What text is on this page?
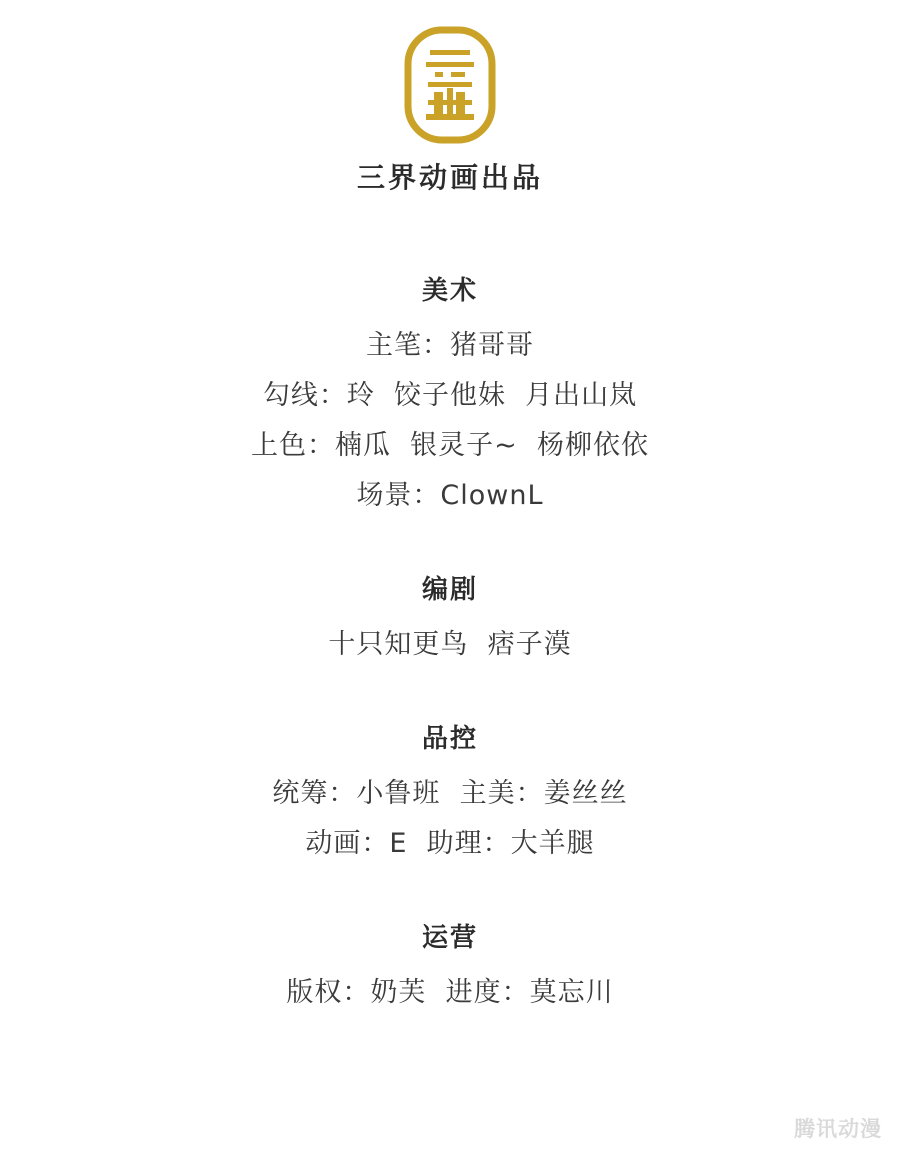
三界动画出品
美术
主笔：猪哥哥
勾线：玲  饺子他妹  月出山岚
上色：楠瓜  银灵子~  杨柳依依
场景：ClownL
编剧
十只知更鸟  痞子漠
品控
统筹：小鲁班  主美：姜丝丝
动画：E  助理：大羊腿
运营
版权：奶芙  进度：莫忘川
腾讯动漫
